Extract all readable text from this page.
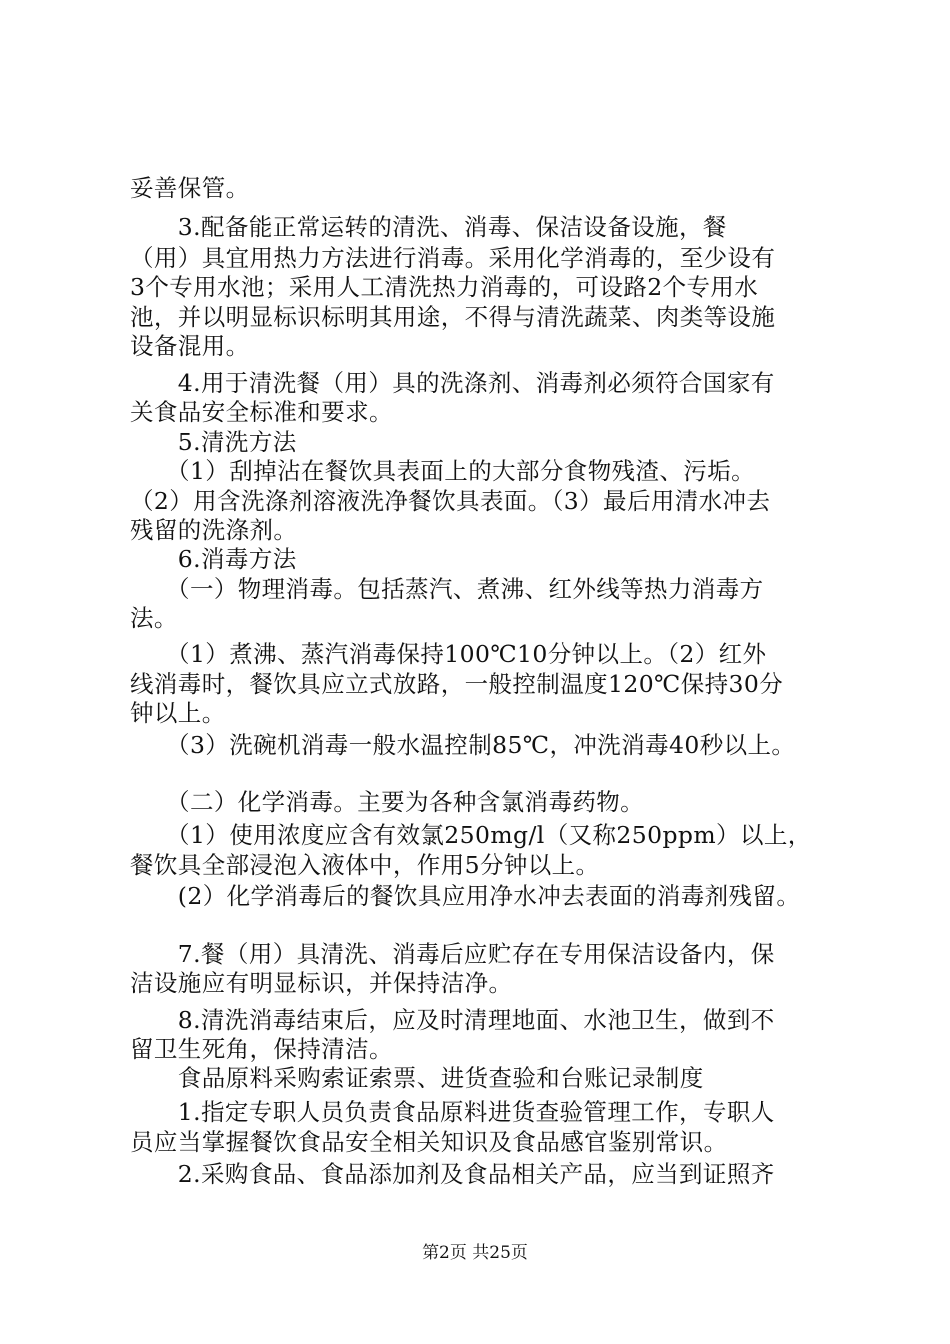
妥善保管。
　　3.配备能正常运转的清洗、消毒、保洁设备设施，餐
（用）具宜用热力方法进行消毒。采用化学消毒的，至少设有
3个专用水池；采用人工清洗热力消毒的，可设路2个专用水
池，并以明显标识标明其用途，不得与清洗蔬菜、肉类等设施
设备混用。
　　4.用于清洗餐（用）具的洗涤剂、消毒剂必须符合国家有
关食品安全标准和要求。
　　5.清洗方法
　　（1）刮掉沾在餐饮具表面上的大部分食物残渣、污垢。
（2）用含洗涤剂溶液洗净餐饮具表面。（3）最后用清水冲去
残留的洗涤剂。
　　6.消毒方法
　　（一）物理消毒。包括蒸汽、煮沸、红外线等热力消毒方
法。
　　（1）煮沸、蒸汽消毒保持100℃10分钟以上。（2）红外
线消毒时，餐饮具应立式放路，一般控制温度120℃保持30分
钟以上。
　　（3）洗碗机消毒一般水温控制85℃，冲洗消毒40秒以上。
　　（二）化学消毒。主要为各种含氯消毒药物。
　　（1）使用浓度应含有效氯250mg/l（又称250ppm）以上，
餐饮具全部浸泡入液体中，作用5分钟以上。
　　(2）化学消毒后的餐饮具应用净水冲去表面的消毒剂残留。
　　7.餐（用）具清洗、消毒后应贮存在专用保洁设备内，保
洁设施应有明显标识，并保持洁净。
　　8.清洗消毒结束后，应及时清理地面、水池卫生，做到不
留卫生死角，保持清洁。
　　食品原料采购索证索票、进货查验和台账记录制度
　　1.指定专职人员负责食品原料进货查验管理工作，专职人
员应当掌握餐饮食品安全相关知识及食品感官鉴别常识。
　　2.采购食品、食品添加剂及食品相关产品，应当到证照齐
第2页 共25页
